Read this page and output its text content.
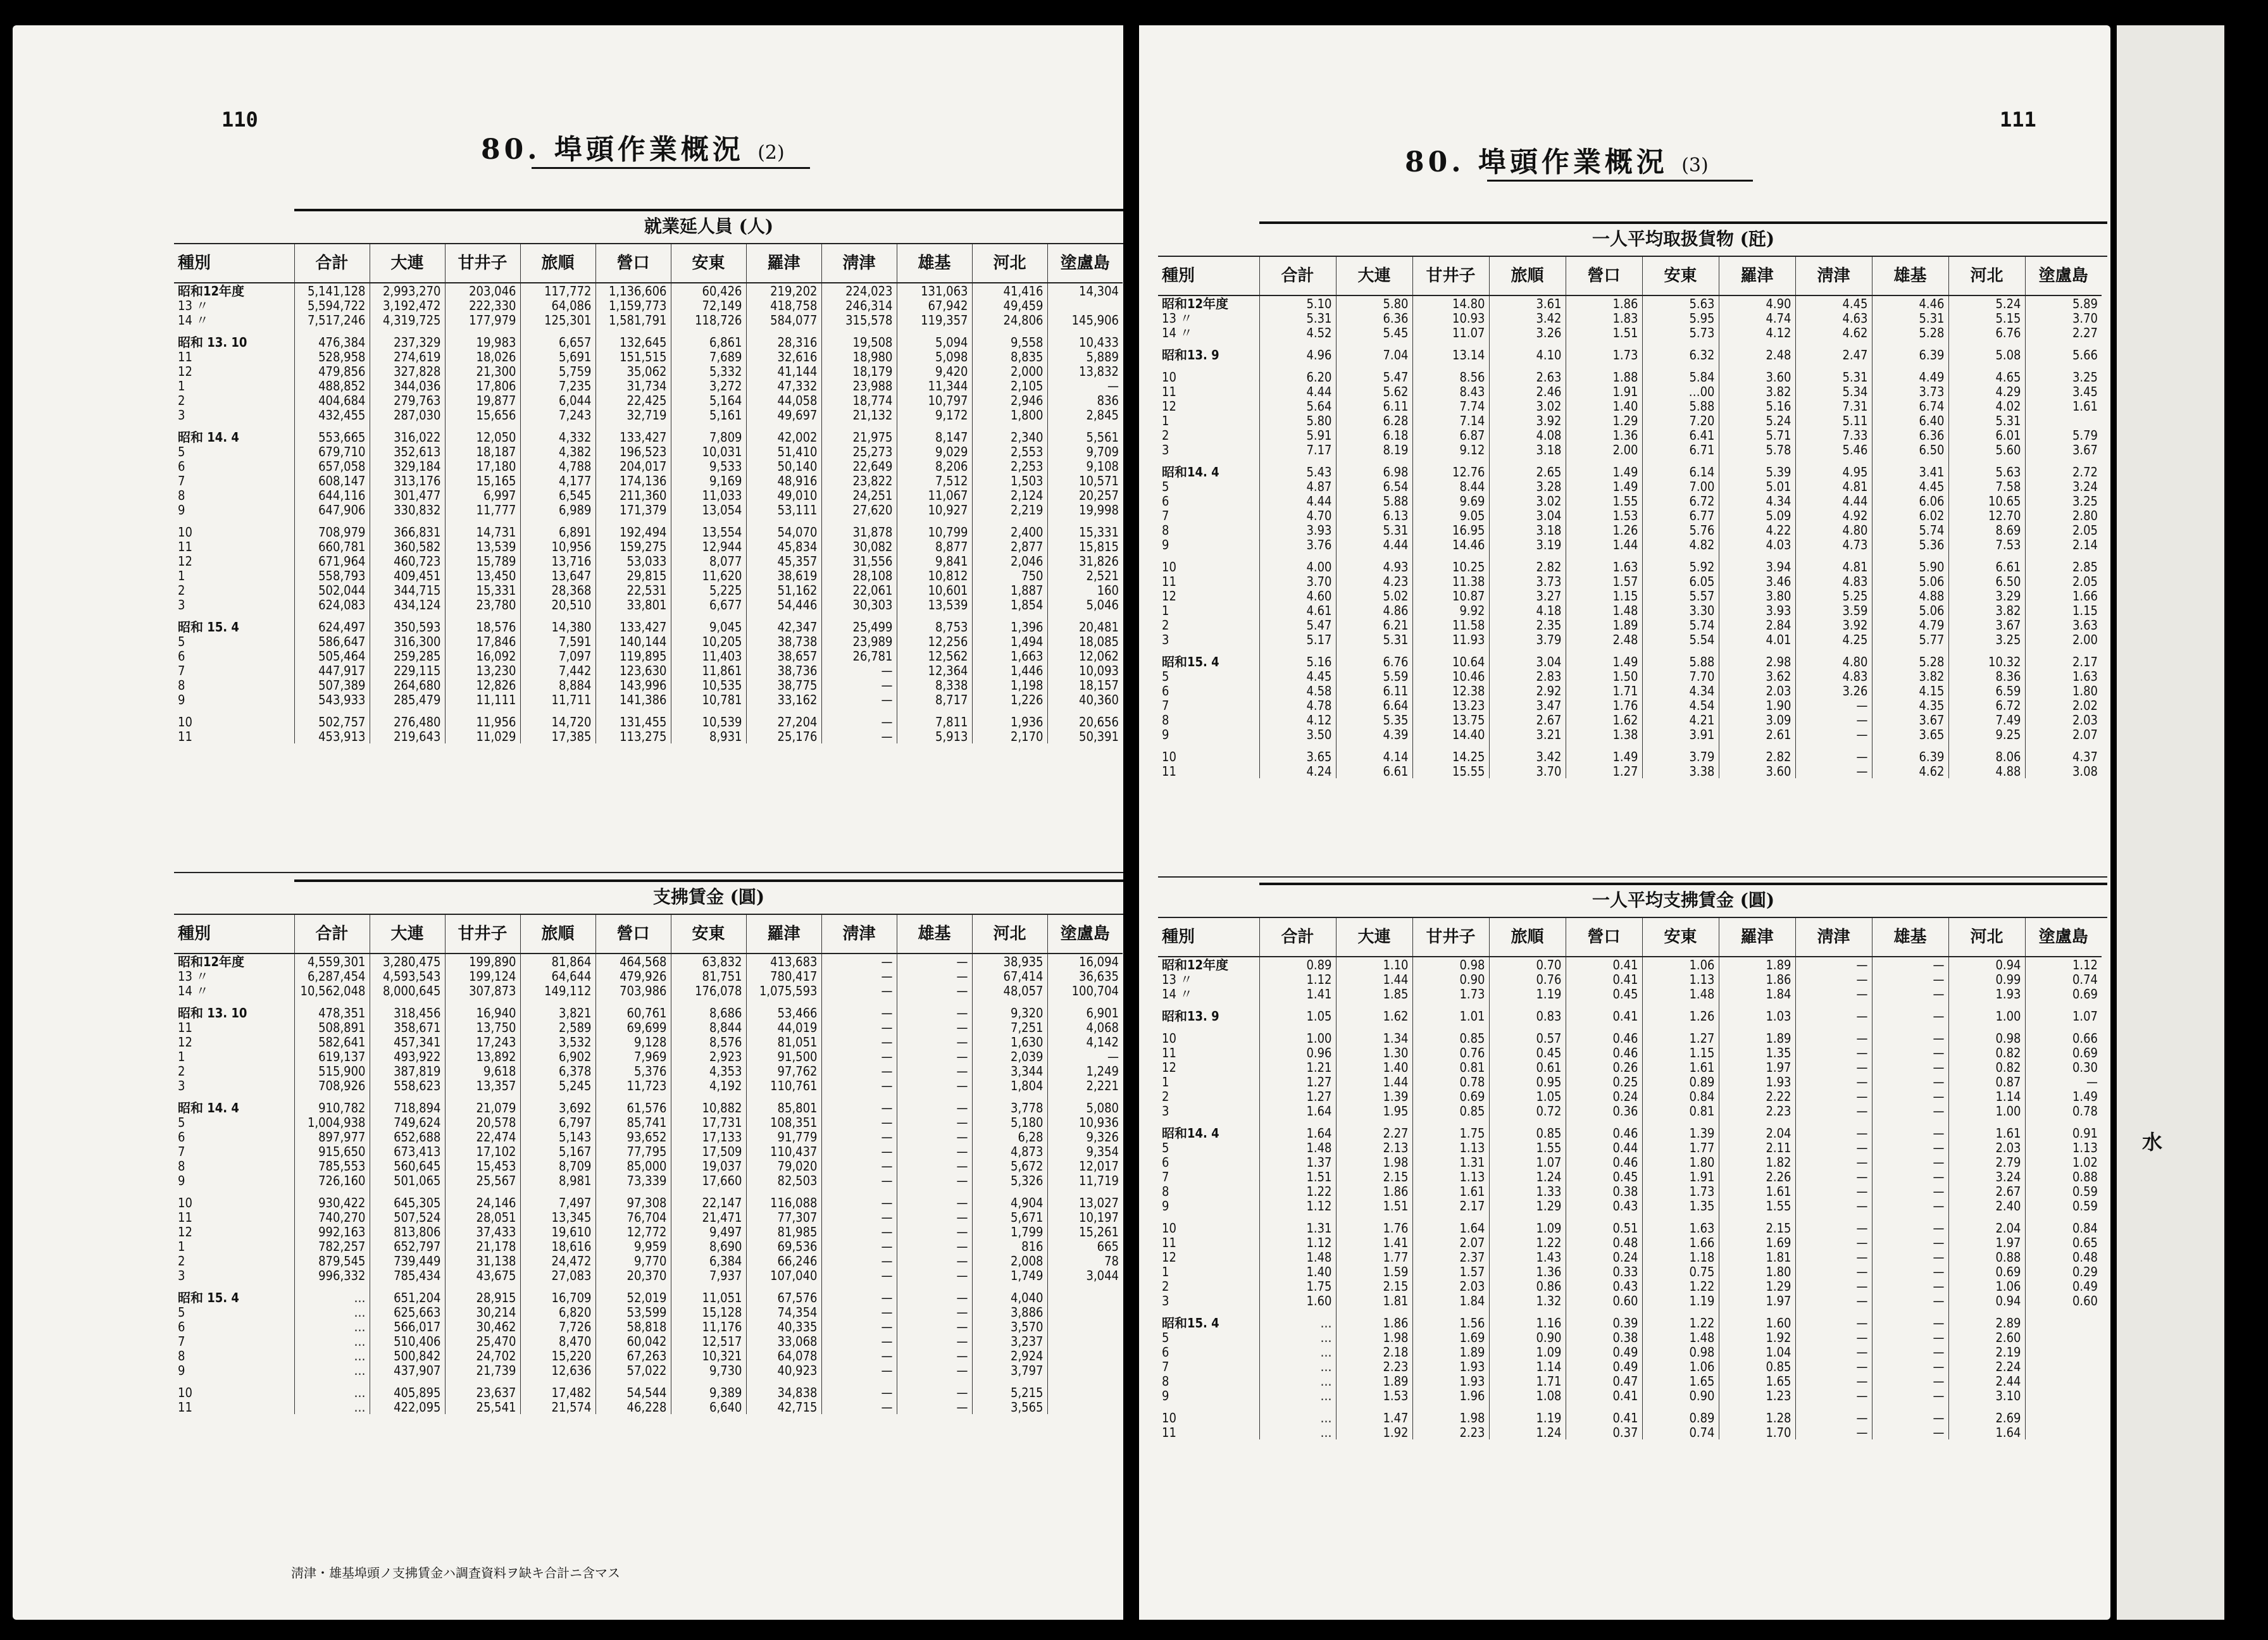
110
80. 埠頭作業概況 (2)
就業延人員 (人)
種別	合計	大連	甘井子	旅順	營口	安東	羅津	淸津	雄基	河北	塗盧島
昭和12年度	5,141,128	2,993,270	203,046	117,772	1,136,606	60,426	219,202	224,023	131,063	41,416	14,304
13 〃	5,594,722	3,192,472	222,330	64,086	1,159,773	72,149	418,758	246,314	67,942	49,459	
14 〃	7,517,246	4,319,725	177,979	125,301	1,581,791	118,726	584,077	315,578	119,357	24,806	145,906
昭和 13. 10	476,384	237,329	19,983	6,657	132,645	6,861	28,316	19,508	5,094	9,558	10,433
11	528,958	274,619	18,026	5,691	151,515	7,689	32,616	18,980	5,098	8,835	5,889
12	479,856	327,828	21,300	5,759	35,062	5,332	41,144	18,179	9,420	2,000	13,832
1	488,852	344,036	17,806	7,235	31,734	3,272	47,332	23,988	11,344	2,105	—
2	404,684	279,763	19,877	6,044	22,425	5,164	44,058	18,774	10,797	2,946	836
3	432,455	287,030	15,656	7,243	32,719	5,161	49,697	21,132	9,172	1,800	2,845
昭和 14. 4	553,665	316,022	12,050	4,332	133,427	7,809	42,002	21,975	8,147	2,340	5,561
5	679,710	352,613	18,187	4,382	196,523	10,031	51,410	25,273	9,029	2,553	9,709
6	657,058	329,184	17,180	4,788	204,017	9,533	50,140	22,649	8,206	2,253	9,108
7	608,147	313,176	15,165	4,177	174,136	9,169	48,916	23,822	7,512	1,503	10,571
8	644,116	301,477	6,997	6,545	211,360	11,033	49,010	24,251	11,067	2,124	20,257
9	647,906	330,832	11,777	6,989	171,379	13,054	53,111	27,620	10,927	2,219	19,998
10	708,979	366,831	14,731	6,891	192,494	13,554	54,070	31,878	10,799	2,400	15,331
11	660,781	360,582	13,539	10,956	159,275	12,944	45,834	30,082	8,877	2,877	15,815
12	671,964	460,723	15,789	13,716	53,033	8,077	45,357	31,556	9,841	2,046	31,826
1	558,793	409,451	13,450	13,647	29,815	11,620	38,619	28,108	10,812	750	2,521
2	502,044	344,715	15,331	28,368	22,531	5,225	51,162	22,061	10,601	1,887	160
3	624,083	434,124	23,780	20,510	33,801	6,677	54,446	30,303	13,539	1,854	5,046
昭和 15. 4	624,497	350,593	18,576	14,380	133,427	9,045	42,347	25,499	8,753	1,396	20,481
5	586,647	316,300	17,846	7,591	140,144	10,205	38,738	23,989	12,256	1,494	18,085
6	505,464	259,285	16,092	7,097	119,895	11,403	38,657	26,781	12,562	1,663	12,062
7	447,917	229,115	13,230	7,442	123,630	11,861	38,736	—	12,364	1,446	10,093
8	507,389	264,680	12,826	8,884	143,996	10,535	38,775	—	8,338	1,198	18,157
9	543,933	285,479	11,111	11,711	141,386	10,781	33,162	—	8,717	1,226	40,360
10	502,757	276,480	11,956	14,720	131,455	10,539	27,204	—	7,811	1,936	20,656
11	453,913	219,643	11,029	17,385	113,275	8,931	25,176	—	5,913	2,170	50,391
支拂賃金 (圓)
種別	合計	大連	甘井子	旅順	營口	安東	羅津	淸津	雄基	河北	塗盧島
昭和12年度	4,559,301	3,280,475	199,890	81,864	464,568	63,832	413,683	—	—	38,935	16,094
13 〃	6,287,454	4,593,543	199,124	64,644	479,926	81,751	780,417	—	—	67,414	36,635
14 〃	10,562,048	8,000,645	307,873	149,112	703,986	176,078	1,075,593	—	—	48,057	100,704
昭和 13. 10	478,351	318,456	16,940	3,821	60,761	8,686	53,466	—	—	9,320	6,901
11	508,891	358,671	13,750	2,589	69,699	8,844	44,019	—	—	7,251	4,068
12	582,641	457,341	17,243	3,532	9,128	8,576	81,051	—	—	1,630	4,142
1	619,137	493,922	13,892	6,902	7,969	2,923	91,500	—	—	2,039	—
2	515,900	387,819	9,618	6,378	5,376	4,353	97,762	—	—	3,344	1,249
3	708,926	558,623	13,357	5,245	11,723	4,192	110,761	—	—	1,804	2,221
昭和 14. 4	910,782	718,894	21,079	3,692	61,576	10,882	85,801	—	—	3,778	5,080
5	1,004,938	749,624	20,578	6,797	85,741	17,731	108,351	—	—	5,180	10,936
6	897,977	652,688	22,474	5,143	93,652	17,133	91,779	—	—	6,28	9,326
7	915,650	673,413	17,102	5,167	77,795	17,509	110,437	—	—	4,873	9,354
8	785,553	560,645	15,453	8,709	85,000	19,037	79,020	—	—	5,672	12,017
9	726,160	501,065	25,567	8,981	73,339	17,660	82,503	—	—	5,326	11,719
10	930,422	645,305	24,146	7,497	97,308	22,147	116,088	—	—	4,904	13,027
11	740,270	507,524	28,051	13,345	76,704	21,471	77,307	—	—	5,671	10,197
12	992,163	813,806	37,433	19,610	12,772	9,497	81,985	—	—	1,799	15,261
1	782,257	652,797	21,178	18,616	9,959	8,690	69,536	—	—	816	665
2	879,545	739,449	31,138	24,472	9,770	6,384	66,246	—	—	2,008	78
3	996,332	785,434	43,675	27,083	20,370	7,937	107,040	—	—	1,749	3,044
昭和 15. 4	…	651,204	28,915	16,709	52,019	11,051	67,576	—	—	4,040	
5	…	625,663	30,214	6,820	53,599	15,128	74,354	—	—	3,886	
6	…	566,017	30,462	7,726	58,818	11,176	40,335	—	—	3,570	
7	…	510,406	25,470	8,470	60,042	12,517	33,068	—	—	3,237	
8	…	500,842	24,702	15,220	67,263	10,321	64,078	—	—	2,924	
9	…	437,907	21,739	12,636	57,022	9,730	40,923	—	—	3,797	
10	…	405,895	23,637	17,482	54,544	9,389	34,838	—	—	5,215	
11	…	422,095	25,541	21,574	46,228	6,640	42,715	—	—	3,565	
淸津・雄基埠頭ノ支拂賃金ハ調査資料ヲ缺キ合計ニ含マス
111
80. 埠頭作業概況 (3)
一人平均取扱貨物 (瓩)
種別	合計	大連	甘井子	旅順	營口	安東	羅津	淸津	雄基	河北	塗盧島
昭和12年度	5.10	5.80	14.80	3.61	1.86	5.63	4.90	4.45	4.46	5.24	5.89
13 〃	5.31	6.36	10.93	3.42	1.83	5.95	4.74	4.63	5.31	5.15	3.70
14 〃	4.52	5.45	11.07	3.26	1.51	5.73	4.12	4.62	5.28	6.76	2.27
昭和13. 9	4.96	7.04	13.14	4.10	1.73	6.32	2.48	2.47	6.39	5.08	5.66
10	6.20	5.47	8.56	2.63	1.88	5.84	3.60	5.31	4.49	4.65	3.25
11	4.44	5.62	8.43	2.46	1.91	…00	3.82	5.34	3.73	4.29	3.45
12	5.64	6.11	7.74	3.02	1.40	5.88	5.16	7.31	6.74	4.02	1.61
1	5.80	6.28	7.14	3.92	1.29	7.20	5.24	5.11	6.40	5.31	
2	5.91	6.18	6.87	4.08	1.36	6.41	5.71	7.33	6.36	6.01	5.79
3	7.17	8.19	9.12	3.18	2.00	6.71	5.78	5.46	6.50	5.60	3.67
昭和14. 4	5.43	6.98	12.76	2.65	1.49	6.14	5.39	4.95	3.41	5.63	2.72
5	4.87	6.54	8.44	3.28	1.49	7.00	5.01	4.81	4.45	7.58	3.24
6	4.44	5.88	9.69	3.02	1.55	6.72	4.34	4.44	6.06	10.65	3.25
7	4.70	6.13	9.05	3.04	1.53	6.77	5.09	4.92	6.02	12.70	2.80
8	3.93	5.31	16.95	3.18	1.26	5.76	4.22	4.80	5.74	8.69	2.05
9	3.76	4.44	14.46	3.19	1.44	4.82	4.03	4.73	5.36	7.53	2.14
10	4.00	4.93	10.25	2.82	1.63	5.92	3.94	4.81	5.90	6.61	2.85
11	3.70	4.23	11.38	3.73	1.57	6.05	3.46	4.83	5.06	6.50	2.05
12	4.60	5.02	10.87	3.27	1.15	5.57	3.80	5.25	4.88	3.29	1.66
1	4.61	4.86	9.92	4.18	1.48	3.30	3.93	3.59	5.06	3.82	1.15
2	5.47	6.21	11.58	2.35	1.89	5.74	2.84	3.92	4.79	3.67	3.63
3	5.17	5.31	11.93	3.79	2.48	5.54	4.01	4.25	5.77	3.25	2.00
昭和15. 4	5.16	6.76	10.64	3.04	1.49	5.88	2.98	4.80	5.28	10.32	2.17
5	4.45	5.59	10.46	2.83	1.50	7.70	3.62	4.83	3.82	8.36	1.63
6	4.58	6.11	12.38	2.92	1.71	4.34	2.03	3.26	4.15	6.59	1.80
7	4.78	6.64	13.23	3.47	1.76	4.54	1.90	—	4.35	6.72	2.02
8	4.12	5.35	13.75	2.67	1.62	4.21	3.09	—	3.67	7.49	2.03
9	3.50	4.39	14.40	3.21	1.38	3.91	2.61	—	3.65	9.25	2.07
10	3.65	4.14	14.25	3.42	1.49	3.79	2.82	—	6.39	8.06	4.37
11	4.24	6.61	15.55	3.70	1.27	3.38	3.60	—	4.62	4.88	3.08
一人平均支拂賃金 (圓)
種別	合計	大連	甘井子	旅順	營口	安東	羅津	淸津	雄基	河北	塗盧島
昭和12年度	0.89	1.10	0.98	0.70	0.41	1.06	1.89	—	—	0.94	1.12
13 〃	1.12	1.44	0.90	0.76	0.41	1.13	1.86	—	—	0.99	0.74
14 〃	1.41	1.85	1.73	1.19	0.45	1.48	1.84	—	—	1.93	0.69
昭和13. 9	1.05	1.62	1.01	0.83	0.41	1.26	1.03	—	—	1.00	1.07
10	1.00	1.34	0.85	0.57	0.46	1.27	1.89	—	—	0.98	0.66
11	0.96	1.30	0.76	0.45	0.46	1.15	1.35	—	—	0.82	0.69
12	1.21	1.40	0.81	0.61	0.26	1.61	1.97	—	—	0.82	0.30
1	1.27	1.44	0.78	0.95	0.25	0.89	1.93	—	—	0.87	—
2	1.27	1.39	0.69	1.05	0.24	0.84	2.22	—	—	1.14	1.49
3	1.64	1.95	0.85	0.72	0.36	0.81	2.23	—	—	1.00	0.78
昭和14. 4	1.64	2.27	1.75	0.85	0.46	1.39	2.04	—	—	1.61	0.91
5	1.48	2.13	1.13	1.55	0.44	1.77	2.11	—	—	2.03	1.13
6	1.37	1.98	1.31	1.07	0.46	1.80	1.82	—	—	2.79	1.02
7	1.51	2.15	1.13	1.24	0.45	1.91	2.26	—	—	3.24	0.88
8	1.22	1.86	1.61	1.33	0.38	1.73	1.61	—	—	2.67	0.59
9	1.12	1.51	2.17	1.29	0.43	1.35	1.55	—	—	2.40	0.59
10	1.31	1.76	1.64	1.09	0.51	1.63	2.15	—	—	2.04	0.84
11	1.12	1.41	2.07	1.22	0.48	1.66	1.69	—	—	1.97	0.65
12	1.48	1.77	2.37	1.43	0.24	1.18	1.81	—	—	0.88	0.48
1	1.40	1.59	1.57	1.36	0.33	0.75	1.80	—	—	0.69	0.29
2	1.75	2.15	2.03	0.86	0.43	1.22	1.29	—	—	1.06	0.49
3	1.60	1.81	1.84	1.32	0.60	1.19	1.97	—	—	0.94	0.60
昭和15. 4	…	1.86	1.56	1.16	0.39	1.22	1.60	—	—	2.89	
5	…	1.98	1.69	0.90	0.38	1.48	1.92	—	—	2.60	
6	…	2.18	1.89	1.09	0.49	0.98	1.04	—	—	2.19	
7	…	2.23	1.93	1.14	0.49	1.06	0.85	—	—	2.24	
8	…	1.89	1.93	1.71	0.47	1.65	1.65	—	—	2.44	
9	…	1.53	1.96	1.08	0.41	0.90	1.23	—	—	3.10	
10	…	1.47	1.98	1.19	0.41	0.89	1.28	—	—	2.69	
11	…	1.92	2.23	1.24	0.37	0.74	1.70	—	—	1.64	
水
